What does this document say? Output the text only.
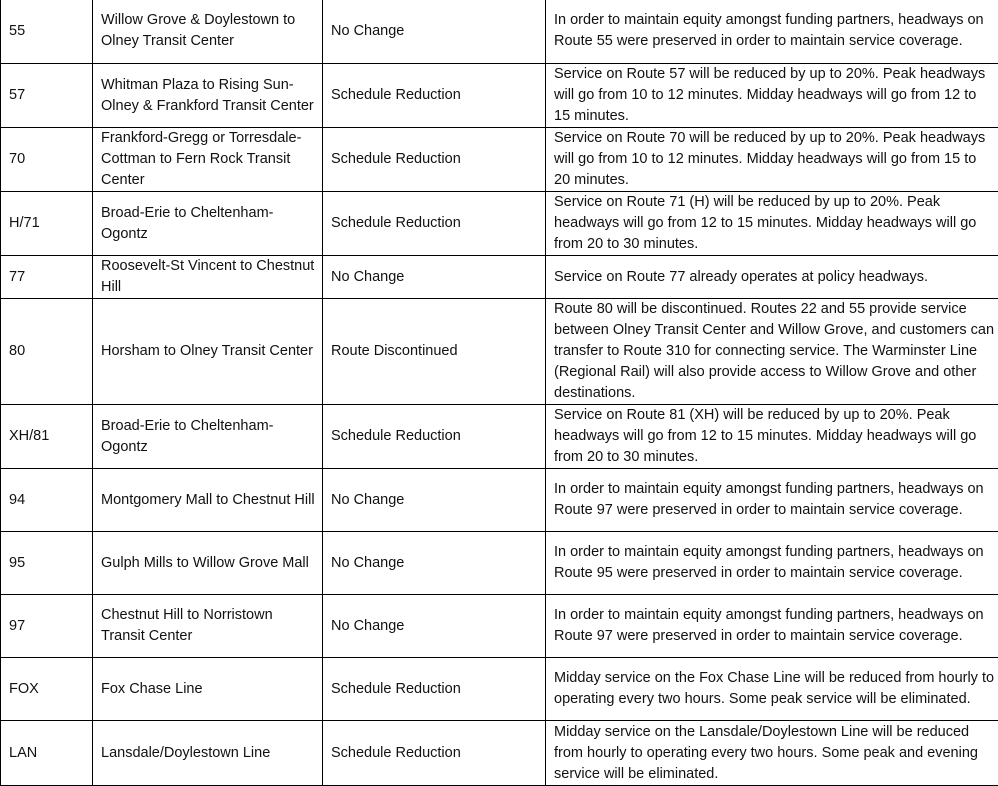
55	Willow Grove & Doylestown to Olney Transit Center	No Change	In order to maintain equity amongst funding partners, headways on Route 55 were preserved in order to maintain service coverage.
57	Whitman Plaza to Rising Sun-Olney & Frankford Transit Center	Schedule Reduction	Service on Route 57 will be reduced by up to 20%. Peak headways will go from 10 to 12 minutes. Midday headways will go from 12 to 15 minutes.
70	Frankford-Gregg or Torresdale-Cottman to Fern Rock Transit Center	Schedule Reduction	Service on Route 70 will be reduced by up to 20%. Peak headways will go from 10 to 12 minutes. Midday headways will go from 15 to 20 minutes.
H/71	Broad-Erie to Cheltenham-Ogontz	Schedule Reduction	Service on Route 71 (H) will be reduced by up to 20%. Peak headways will go from 12 to 15 minutes. Midday headways will go from 20 to 30 minutes.
77	Roosevelt-St Vincent to Chestnut Hill	No Change	Service on Route 77 already operates at policy headways.
80	Horsham to Olney Transit Center	Route Discontinued	Route 80 will be discontinued. Routes 22 and 55 provide service between Olney Transit Center and Willow Grove, and customers can transfer to Route 310 for connecting service. The Warminster Line (Regional Rail) will also provide access to Willow Grove and other destinations.
XH/81	Broad-Erie to Cheltenham-Ogontz	Schedule Reduction	Service on Route 81 (XH) will be reduced by up to 20%. Peak headways will go from 12 to 15 minutes. Midday headways will go from 20 to 30 minutes.
94	Montgomery Mall to Chestnut Hill	No Change	In order to maintain equity amongst funding partners, headways on Route 97 were preserved in order to maintain service coverage.
95	Gulph Mills to Willow Grove Mall	No Change	In order to maintain equity amongst funding partners, headways on Route 95 were preserved in order to maintain service coverage.
97	Chestnut Hill to Norristown Transit Center	No Change	In order to maintain equity amongst funding partners, headways on Route 97 were preserved in order to maintain service coverage.
FOX	Fox Chase Line	Schedule Reduction	Midday service on the Fox Chase Line will be reduced from hourly to operating every two hours. Some peak service will be eliminated.
LAN	Lansdale/Doylestown Line	Schedule Reduction	Midday service on the Lansdale/Doylestown Line will be reduced from hourly to operating every two hours. Some peak and evening service will be eliminated.
